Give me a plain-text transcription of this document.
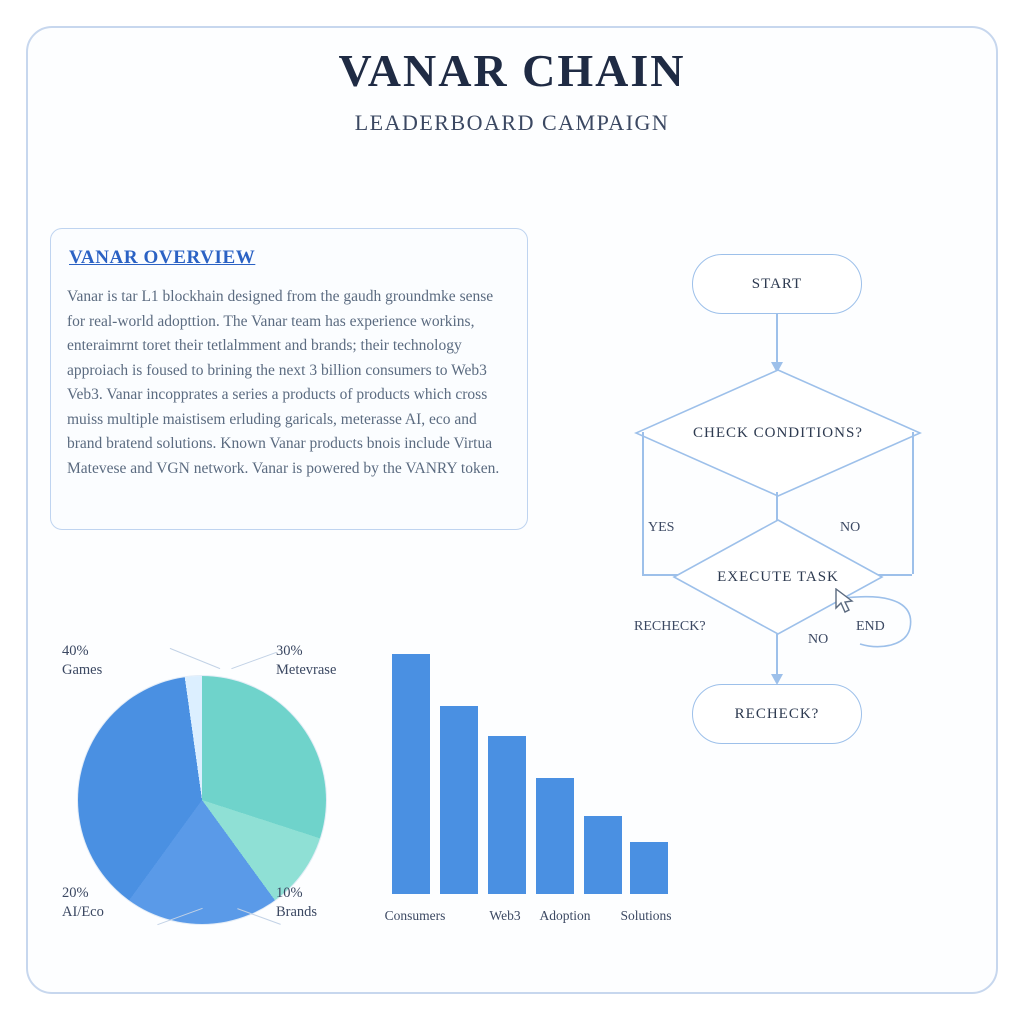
VANAR CHAIN
LEADERBOARD CAMPAIGN
VANAR OVERVIEW
Vanar is tar L1 blockhain designed from the gaudh groundmke sense for real-world adopttion. The Vanar team has experience workins, enteraimrnt toret their tetlalmment and brands; their technology approiach is foused to brining the next 3 billion consumers to Web3 Veb3. Vanar incopprates a series a products of products which cross muiss multiple maistisem erluding garicals, meterasse AI, eco and brand bratend solutions. Known Vanar products bnois include Virtua Matevese and VGN network. Vanar is powered by the VANRY token.
40%
Games
30%
Metevrase
20%
AI/Eco
10%
Brands	Consumers	Web3	Adoption	Solutions
START
CHECK CONDITIONS?
YES	NO
EXECUTE TASK
RECHECK?
NO
END
RECHECK?
